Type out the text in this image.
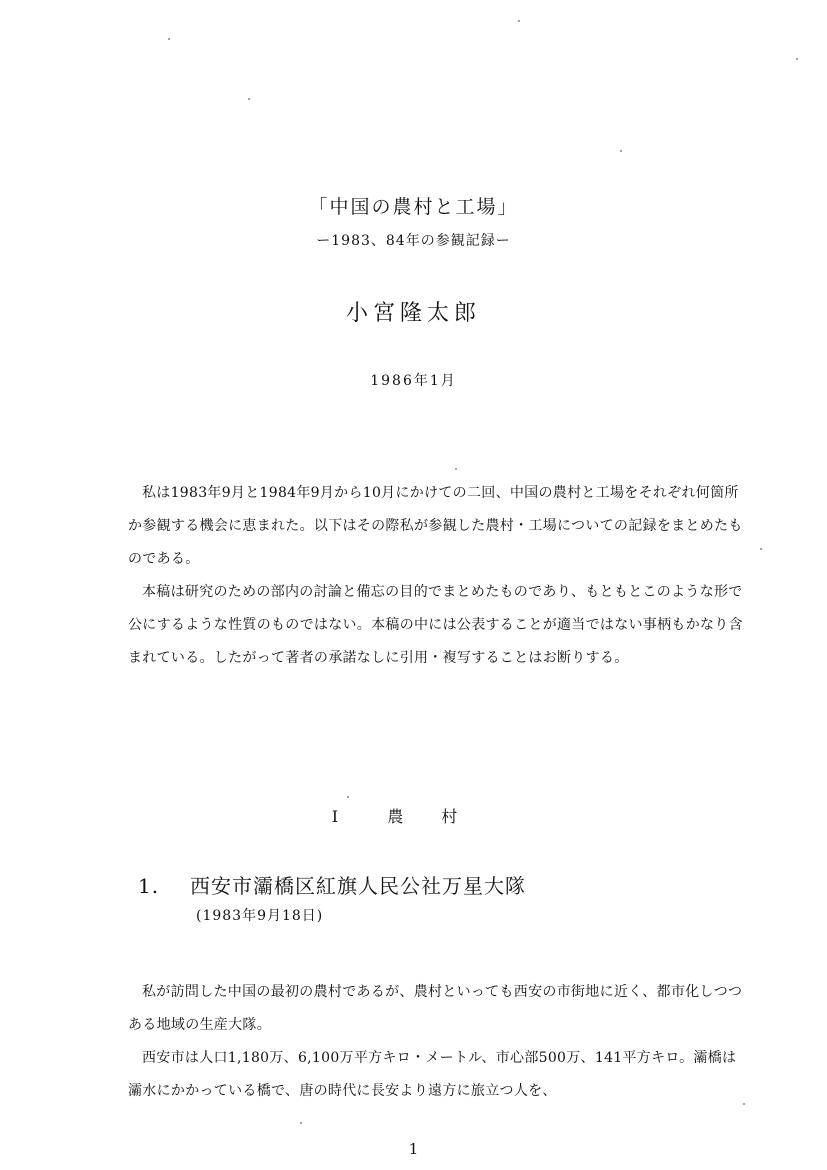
「中国の農村と工場」
ー1983、84年の参観記録ー
小宮隆太郎
1986年1月

私は1983年9月と1984年9月から10月にかけての二回、中国の農村と工場をそれぞれ何箇所か参観する機会に恵まれた。以下はその際私が参観した農村・工場についての記録をまとめたものである。

本稿は研究のための部内の討論と備忘の目的でまとめたものであり、もともとこのような形で公にするような性質のものではない。本稿の中には公表することが適当ではない事柄もかなり含まれている。したがって著者の承諾なしに引用・複写することはお断りする。

I	農村
1. 西安市灞橋区紅旗人民公社万星大隊
(1983年9月18日)

私が訪問した中国の最初の農村であるが、農村といっても西安の市街地に近く、都市化しつつある地域の生産大隊。

西安市は人口1,180万、6,100万平方キロ・メートル、市心部500万、141平方キロ。灞橋は灞水にかかっている橋で、唐の時代に長安より遠方に旅立つ人を、

1
